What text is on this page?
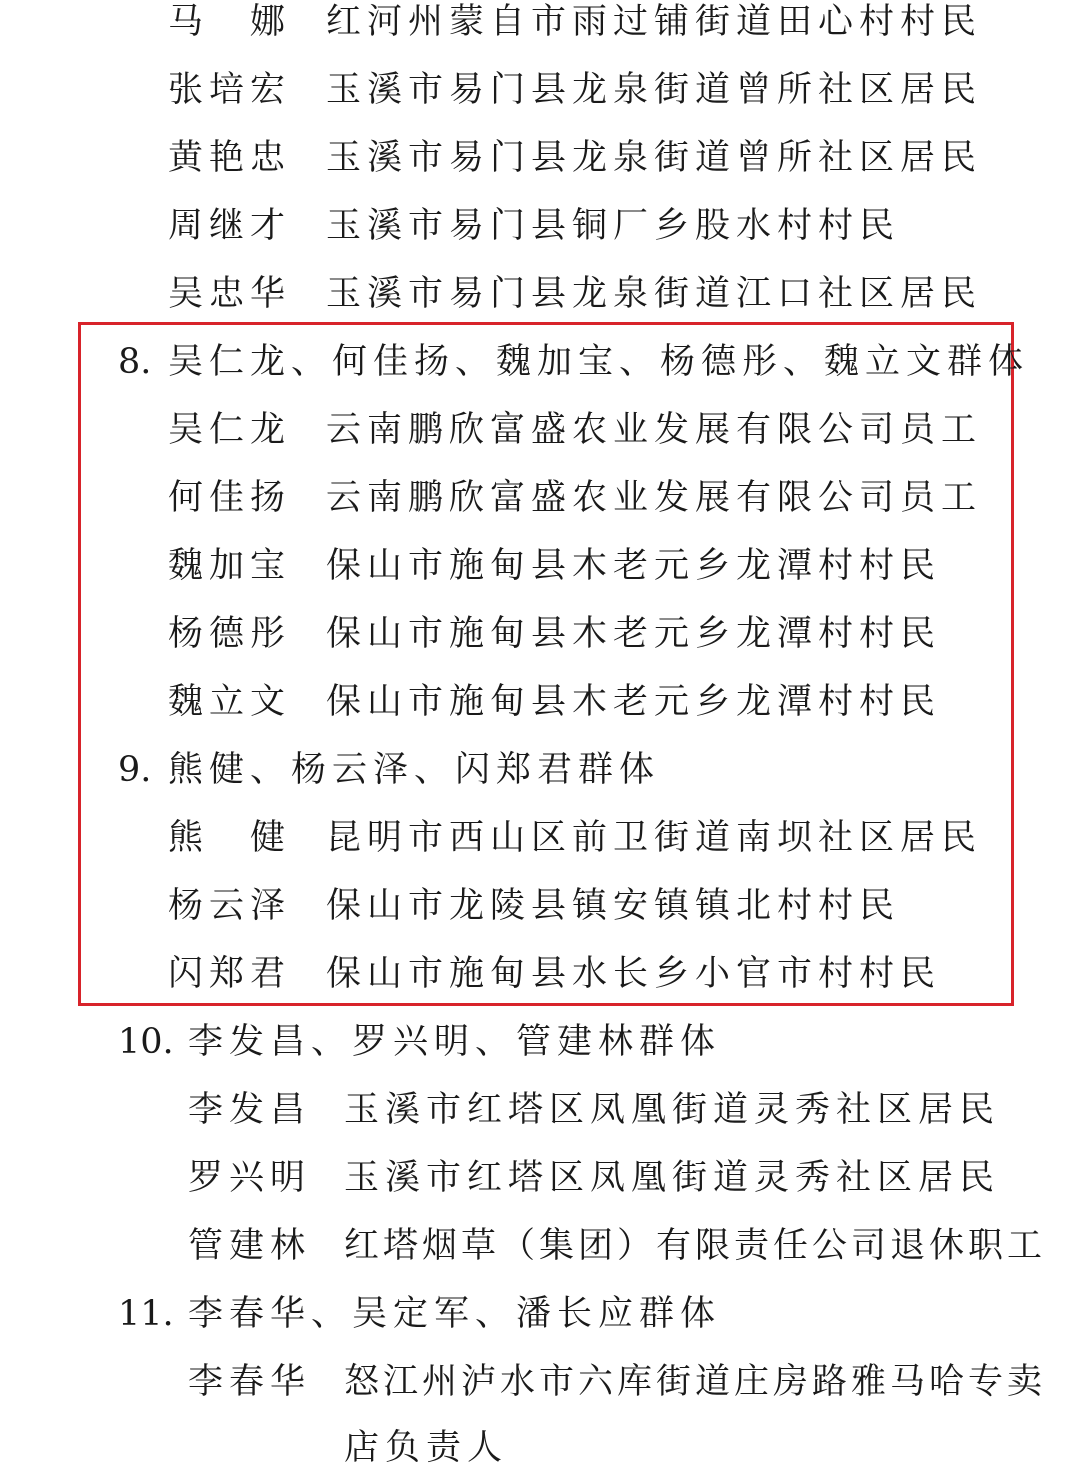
马　娜 红河州蒙自市雨过铺街道田心村村民
张培宏 玉溪市易门县龙泉街道曾所社区居民
黄艳忠 玉溪市易门县龙泉街道曾所社区居民
周继才 玉溪市易门县铜厂乡股水村村民
吴忠华 玉溪市易门县龙泉街道江口社区居民
8. 吴仁龙、何佳扬、魏加宝、杨德彤、魏立文群体
吴仁龙 云南鹏欣富盛农业发展有限公司员工
何佳扬 云南鹏欣富盛农业发展有限公司员工
魏加宝 保山市施甸县木老元乡龙潭村村民
杨德彤 保山市施甸县木老元乡龙潭村村民
魏立文 保山市施甸县木老元乡龙潭村村民
9. 熊健、杨云泽、闪郑君群体
熊　健 昆明市西山区前卫街道南坝社区居民
杨云泽 保山市龙陵县镇安镇镇北村村民
闪郑君 保山市施甸县水长乡小官市村村民
10. 李发昌、罗兴明、管建林群体
李发昌 玉溪市红塔区凤凰街道灵秀社区居民
罗兴明 玉溪市红塔区凤凰街道灵秀社区居民
管建林 红塔烟草（集团）有限责任公司退休职工
11. 李春华、吴定军、潘长应群体
李春华 怒江州泸水市六库街道庄房路雅马哈专卖
店负责人
